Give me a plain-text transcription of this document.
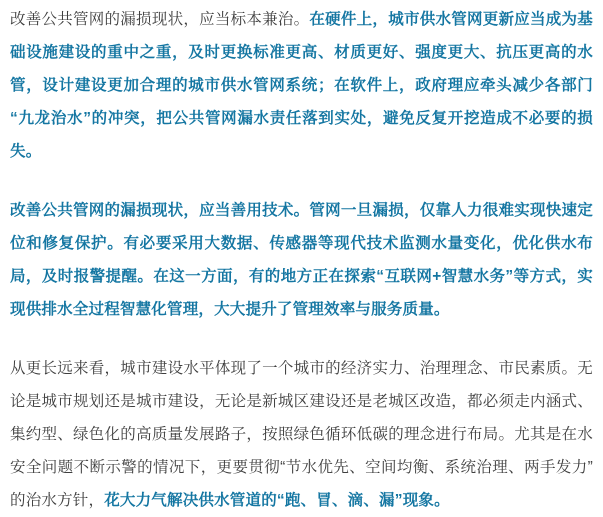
改善公共管网的漏损现状，应当标本兼治。在硬件上，城市供水管网更新应当成为基础设施建设的重中之重，及时更换标准更高、材质更好、强度更大、抗压更高的水管，设计建设更加合理的城市供水管网系统；在软件上，政府理应牵头减少各部门“九龙治水”的冲突，把公共管网漏水责任落到实处，避免反复开挖造成不必要的损失。

改善公共管网的漏损现状，应当善用技术。管网一旦漏损，仅靠人力很难实现快速定位和修复保护。有必要采用大数据、传感器等现代技术监测水量变化，优化供水布局，及时报警提醒。在这一方面，有的地方正在探索“互联网+智慧水务”等方式，实现供排水全过程智慧化管理，大大提升了管理效率与服务质量。

从更长远来看，城市建设水平体现了一个城市的经济实力、治理理念、市民素质。无论是城市规划还是城市建设，无论是新城区建设还是老城区改造，都必须走内涵式、集约型、绿色化的高质量发展路子，按照绿色循环低碳的理念进行布局。尤其是在水安全问题不断示警的情况下，更要贯彻“节水优先、空间均衡、系统治理、两手发力”的治水方针，花大力气解决供水管道的“跑、冒、滴、漏”现象。
